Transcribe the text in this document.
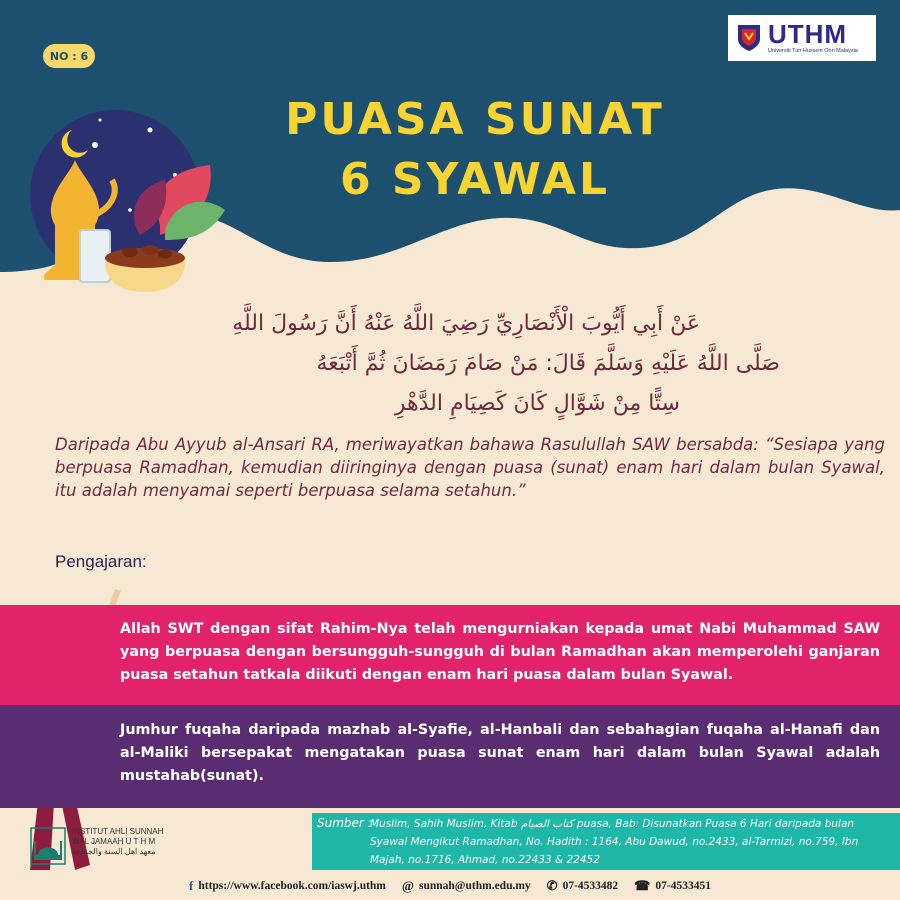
NO : 6
UTHM
Universiti Tun Hussein Onn Malaysia
PUASA SUNAT
6 SYAWAL
عَنْ أَبِي أَيُّوبَ الْأَنْصَارِيِّ رَضِيَ اللَّهُ عَنْهُ أَنَّ رَسُولَ اللَّهِ
صَلَّى اللَّهُ عَلَيْهِ وَسَلَّمَ قَالَ: مَنْ صَامَ رَمَضَانَ ثُمَّ أَتْبَعَهُ
سِتًّا مِنْ شَوَّالٍ كَانَ كَصِيَامِ الدَّهْرِ
Daripada Abu Ayyub al-Ansari RA, meriwayatkan bahawa Rasulullah SAW bersabda: “Sesiapa yang berpuasa Ramadhan, kemudian diiringinya dengan puasa (sunat) enam hari dalam bulan Syawal, itu adalah menyamai seperti berpuasa selama setahun.”
Pengajaran:
Allah SWT dengan sifat Rahim-Nya telah mengurniakan kepada umat Nabi Muhammad SAW yang berpuasa dengan bersungguh-sungguh di bulan Ramadhan akan memperolehi ganjaran puasa setahun tatkala diikuti dengan enam hari puasa dalam bulan Syawal.
Jumhur fuqaha daripada mazhab al-Syafie, al-Hanbali dan sebahagian fuqaha al-Hanafi dan al-Maliki bersepakat mengatakan puasa sunat enam hari dalam bulan Syawal adalah mustahab(sunat).
INSTITUT AHLI SUNNAH
WAL JAMAAH U T H M
معهد اهل السنة والجماعة
Sumber :
Muslim, Sahih Muslim, Kitab كتاب الصيام puasa, Bab: Disunatkan Puasa 6 Hari daripada bulan Syawal Mengikut Ramadhan, No. Hadith : 1164, Abu Dawud, no.2433, al-Tarmizi, no.759, Ibn Majah, no.1716, Ahmad, no.22433 & 22452
f https://www.facebook.com/iaswj.uthm @ sunnah@uthm.edu.my ✆ 07-4533482 ☎ 07-4533451
